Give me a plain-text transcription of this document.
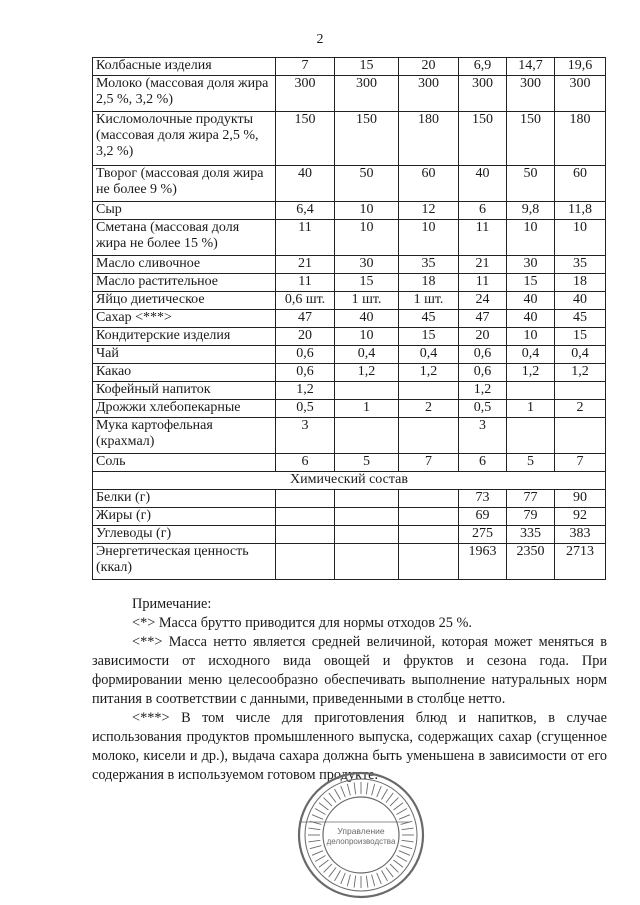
2
Колбасные изделия	7	15	20	6,9	14,7	19,6
Молоко (массовая доля жира 2,5 %, 3,2 %)	300	300	300	300	300	300
Кисломолочные продукты (массовая доля жира 2,5 %, 3,2 %)	150	150	180	150	150	180
Творог (массовая доля жира не более 9 %)	40	50	60	40	50	60
Сыр	6,4	10	12	6	9,8	11,8
Сметана (массовая доля жира не более 15 %)	11	10	10	11	10	10
Масло сливочное	21	30	35	21	30	35
Масло растительное	11	15	18	11	15	18
Яйцо диетическое	0,6 шт.	1 шт.	1 шт.	24	40	40
Сахар <***>	47	40	45	47	40	45
Кондитерские изделия	20	10	15	20	10	15
Чай	0,6	0,4	0,4	0,6	0,4	0,4
Какао	0,6	1,2	1,2	0,6	1,2	1,2
Кофейный напиток	1,2			1,2		
Дрожжи хлебопекарные	0,5	1	2	0,5	1	2
Мука картофельная (крахмал)	3			3		
Соль	6	5	7	6	5	7
Химический состав						
Белки (г)				73	77	90
Жиры (г)				69	79	92
Углеводы (г)				275	335	383
Энергетическая ценность (ккал)				1963	2350	2713

Примечание:

<*> Масса брутто приводится для нормы отходов 25 %.

<**> Масса нетто является средней величиной, которая может меняться в зависимости от исходного вида овощей и фруктов и сезона года. При формировании меню целесообразно обеспечивать выполнение натуральных норм питания в соответствии с данными, приведенными в столбце нетто.

<***> В том числе для приготовления блюд и напитков, в случае использования продуктов промышленного выпуска, содержащих сахар (сгущенное молоко, кисели и др.), выдача сахара должна быть уменьшена в зависимости от его содержания в используемом готовом продукте.

Управление
делопроизводства
